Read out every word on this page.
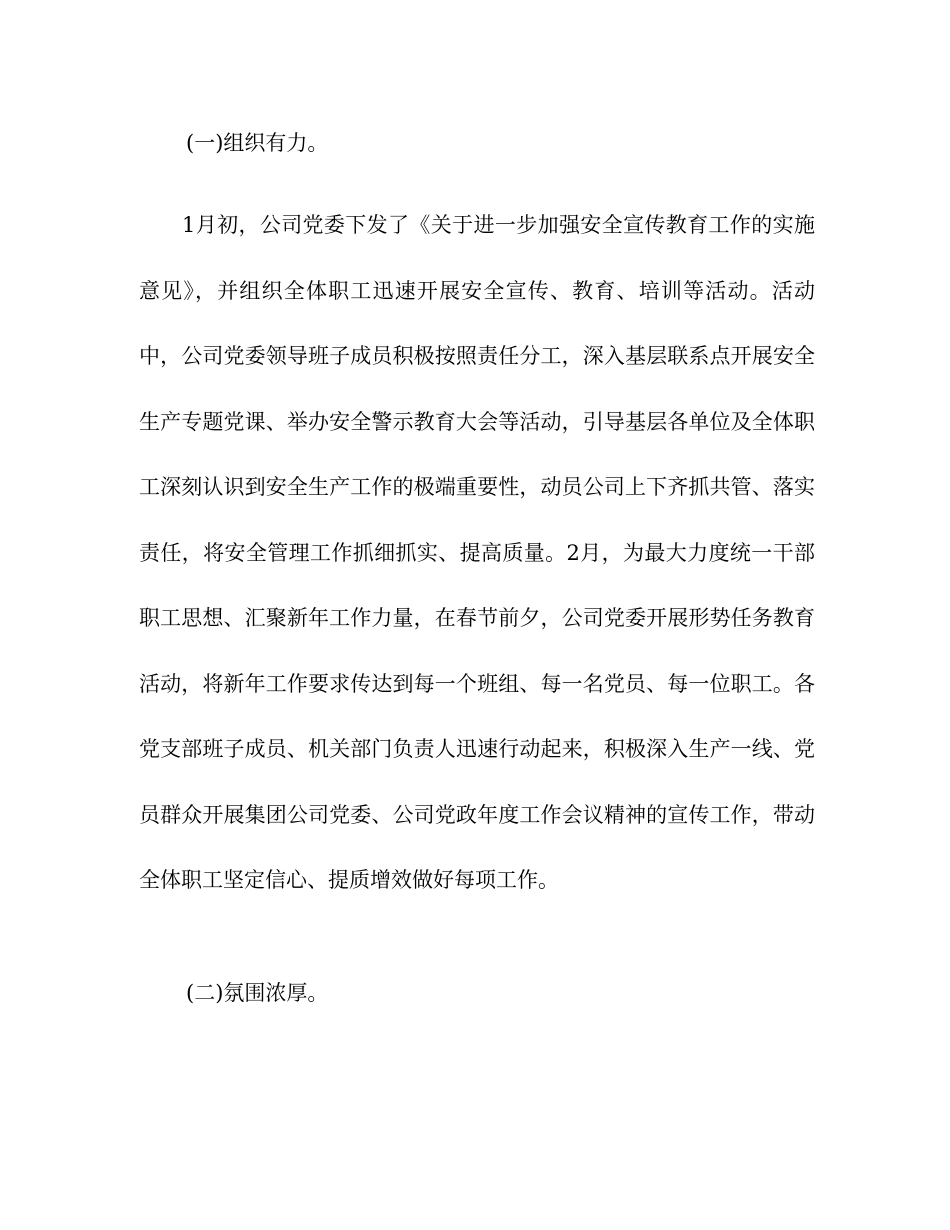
(一)组织有力。

1月初，公司党委下发了《关于进一步加强安全宣传教育工作的实施意见》，并组织全体职工迅速开展安全宣传、教育、培训等活动。活动中，公司党委领导班子成员积极按照责任分工，深入基层联系点开展安全生产专题党课、举办安全警示教育大会等活动，引导基层各单位及全体职工深刻认识到安全生产工作的极端重要性，动员公司上下齐抓共管、落实责任，将安全管理工作抓细抓实、提高质量。2月，为最大力度统一干部职工思想、汇聚新年工作力量，在春节前夕，公司党委开展形势任务教育活动，将新年工作要求传达到每一个班组、每一名党员、每一位职工。各党支部班子成员、机关部门负责人迅速行动起来，积极深入生产一线、党员群众开展集团公司党委、公司党政年度工作会议精神的宣传工作，带动全体职工坚定信心、提质增效做好每项工作。

(二)氛围浓厚。
